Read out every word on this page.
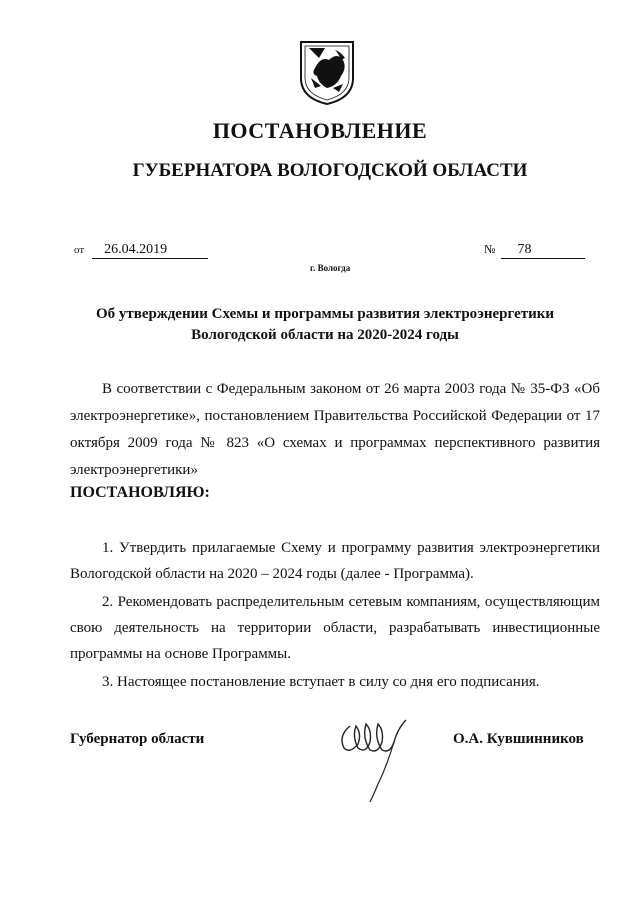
ПОСТАНОВЛЕНИЕ
ГУБЕРНАТОРА ВОЛОГОДСКОЙ ОБЛАСТИ
от 26.04.2019	№ 78
г. Вологда
Об утверждении Схемы и программы развития электроэнергетики
Вологодской области на 2020-2024 годы
В соответствии с Федеральным законом от 26 марта 2003 года № 35-ФЗ «Об электроэнергетике», постановлением Правительства Российской Федерации от 17 октября 2009 года № 823 «О схемах и программах перспективного развития электроэнергетики»
ПОСТАНОВЛЯЮ:

1. Утвердить прилагаемые Схему и программу развития электроэнергетики Вологодской области на 2020 – 2024 годы (далее - Программа).

2. Рекомендовать распределительным сетевым компаниям, осуществляющим свою деятельность на территории области, разрабатывать инвестиционные программы на основе Программы.

3. Настоящее постановление вступает в силу со дня его подписания.

Губернатор области	О.А. Кувшинников
